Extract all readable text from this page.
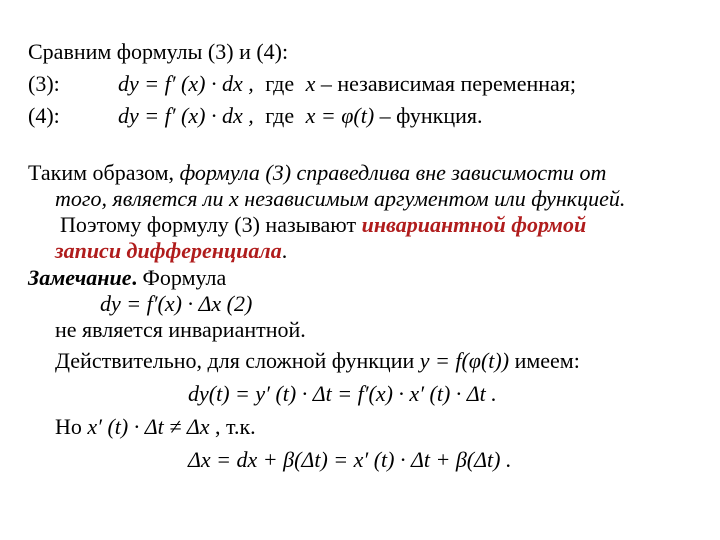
Сравним формулы (3) и (4):
(3):	dy = f′ (x) · dx , где x – независимая переменная;
(4):	dy = f′ (x) · dx , где x = φ(t) – функция.
Таким образом, формула (3) справедлива вне зависимости от
того, является ли x независимым аргументом или функцией.
Поэтому формулу (3) называют инвариантной формой
записи дифференциала.
Замечание. Формула
dy = f′(x) · Δx (2)
не является инвариантной.
Действительно, для сложной функции y = f(φ(t)) имеем:
dy(t) = y′ (t) · Δt = f′(x) · x′ (t) · Δt .
Но x′ (t) · Δt ≠ Δx , т.к.
Δx = dx + β(Δt) = x′ (t) · Δt + β(Δt) .
